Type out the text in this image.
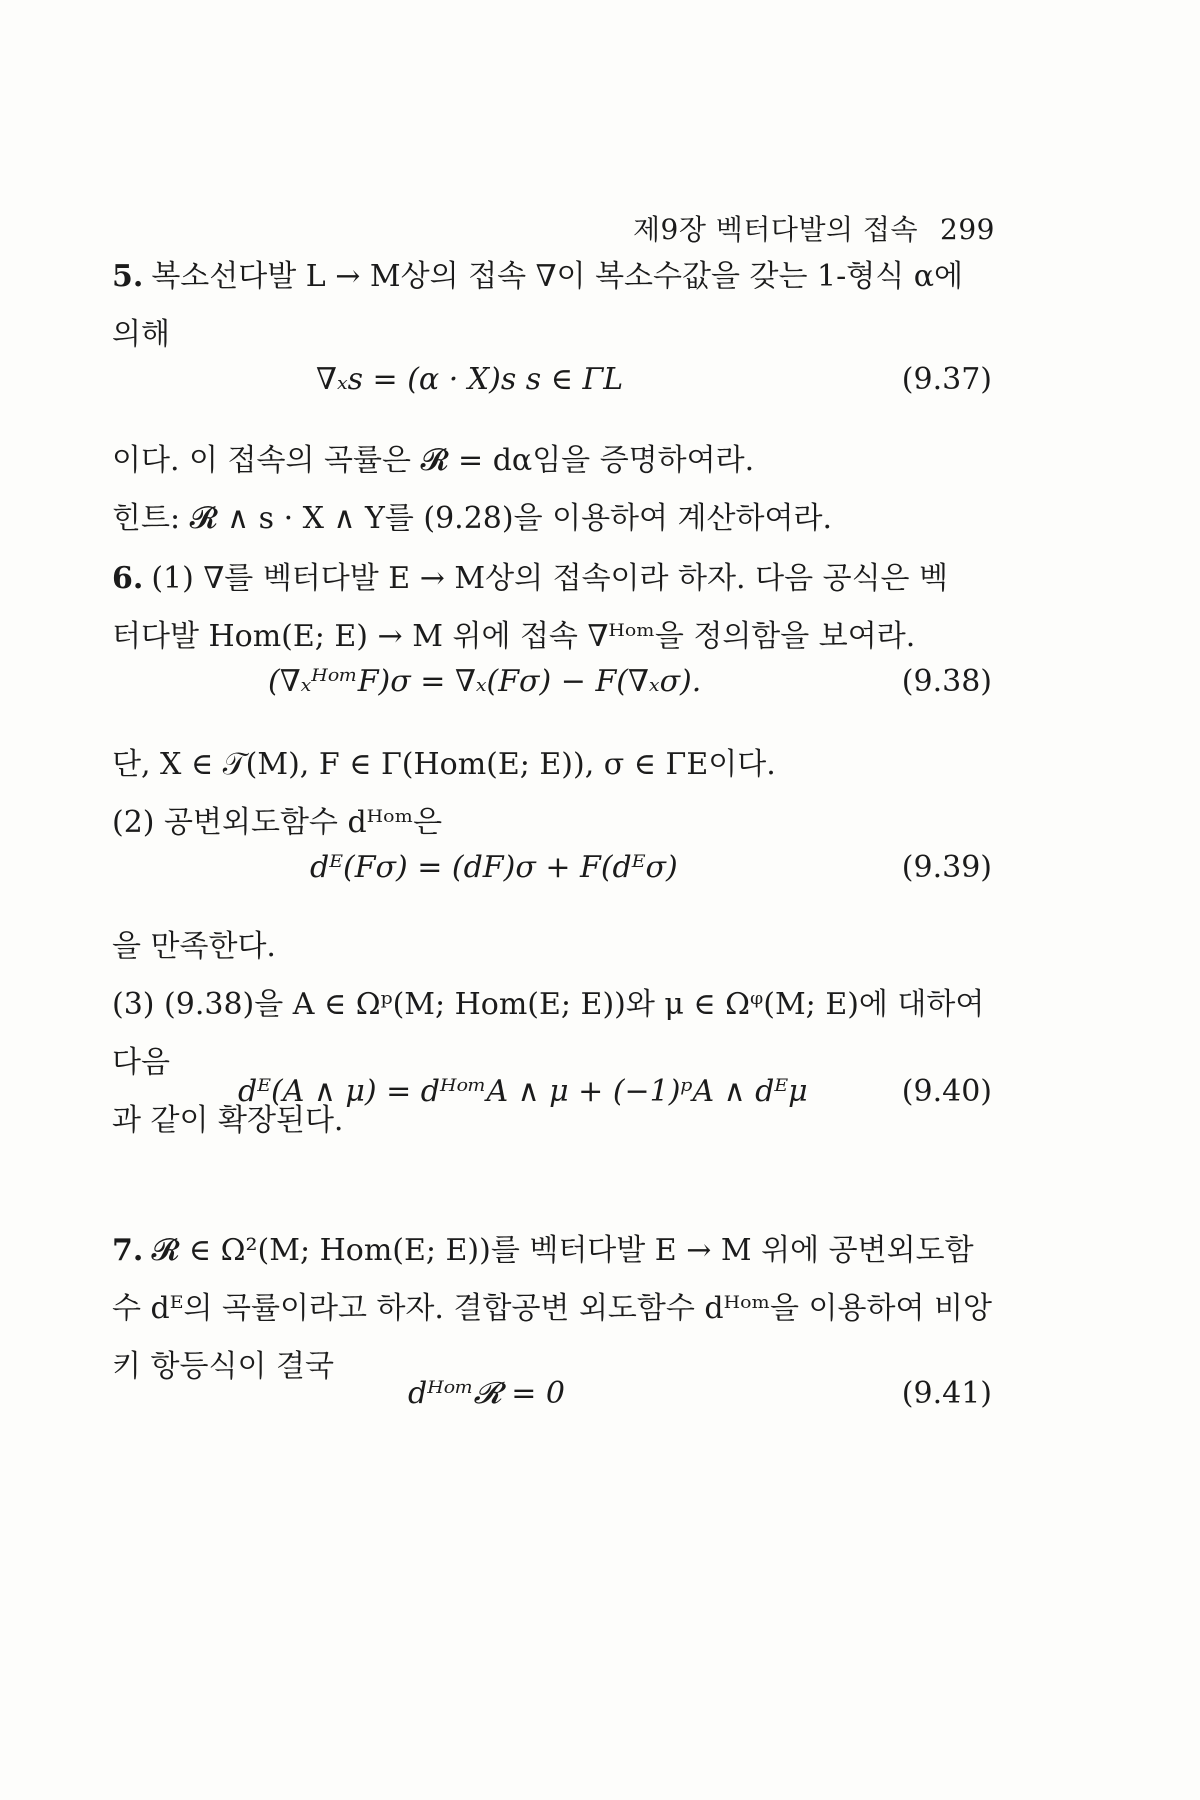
제9장 벡터다발의 접속 299
5. 복소선다발 L → M상의 접속 ∇이 복소수값을 갖는 1-형식 α에
의해
∇ₓs = (α · X)s s ∈ ΓL	(9.37)
이다. 이 접속의 곡률은 𝓡 = dα임을 증명하여라.
힌트: 𝓡 ∧ s · X ∧ Y를 (9.28)을 이용하여 계산하여라.
6. (1) ∇를 벡터다발 E → M상의 접속이라 하자. 다음 공식은 벡
터다발 Hom(E; E) → M 위에 접속 ∇ᴴᵒᵐ을 정의함을 보여라.
(∇ₓᴴᵒᵐF)σ = ∇ₓ(Fσ) − F(∇ₓσ).	(9.38)
단, X ∈ 𝒯(M), F ∈ Γ(Hom(E; E)), σ ∈ ΓE이다.
(2) 공변외도함수 dᴴᵒᵐ은
dᴱ(Fσ) = (dF)σ + F(dᴱσ)	(9.39)
을 만족한다.
(3) (9.38)을 A ∈ Ωᵖ(M; Hom(E; E))와 μ ∈ Ωᵠ(M; E)에 대하여 다음
과 같이 확장된다.
dᴱ(A ∧ μ) = dᴴᵒᵐA ∧ μ + (−1)ᵖA ∧ dᴱμ	(9.40)
7. 𝓡 ∈ Ω²(M; Hom(E; E))를 벡터다발 E → M 위에 공변외도함
수 dᴱ의 곡률이라고 하자. 결합공변 외도함수 dᴴᵒᵐ을 이용하여 비앙
키 항등식이 결국
dᴴᵒᵐ𝓡 = 0	(9.41)
